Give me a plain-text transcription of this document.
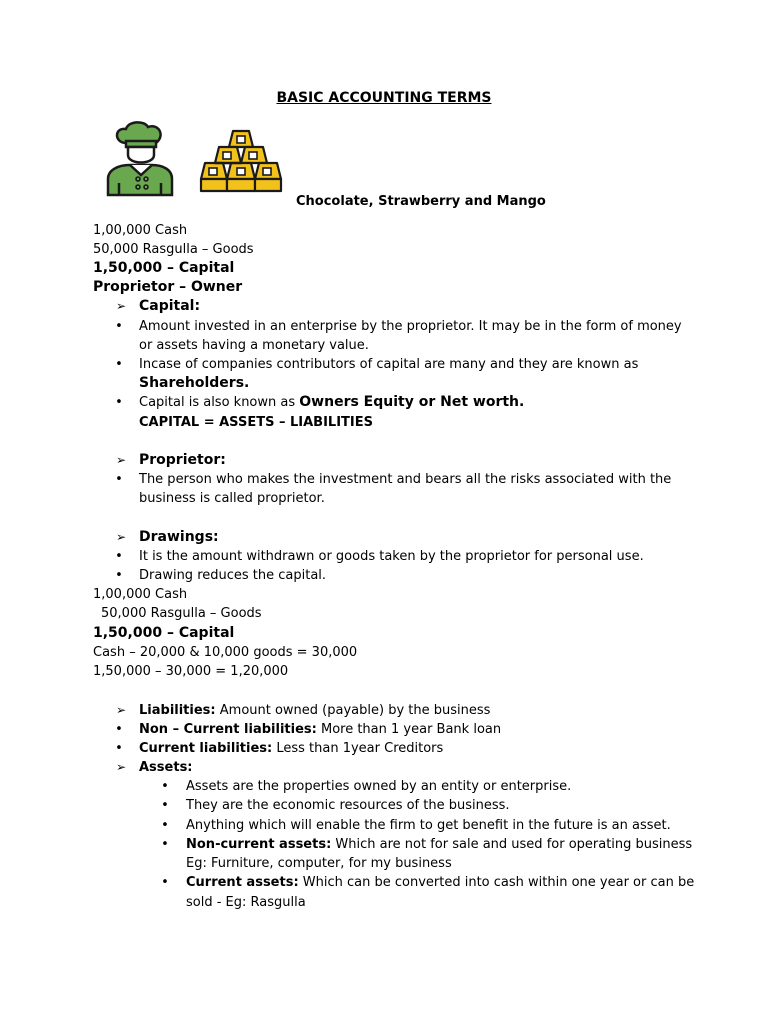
BASIC ACCOUNTING TERMS
Chocolate, Strawberry and Mango
1,00,000 Cash
50,000 Rasgulla – Goods
1,50,000 – Capital
Proprietor – Owner
➢ Capital:
• Amount invested in an enterprise by the proprietor. It may be in the form of money
or assets having a monetary value.
• Incase of companies contributors of capital are many and they are known as
Shareholders.
• Capital is also known as Owners Equity or Net worth.
CAPITAL = ASSETS – LIABILITIES
➢ Proprietor:
• The person who makes the investment and bears all the risks associated with the
business is called proprietor.
➢ Drawings:
• It is the amount withdrawn or goods taken by the proprietor for personal use.
• Drawing reduces the capital.
1,00,000 Cash
50,000 Rasgulla – Goods
1,50,000 – Capital
Cash – 20,000 & 10,000 goods = 30,000
1,50,000 – 30,000 = 1,20,000
➢ Liabilities: Amount owned (payable) by the business
• Non – Current liabilities: More than 1 year Bank loan
• Current liabilities: Less than 1year Creditors
➢ Assets:
• Assets are the properties owned by an entity or enterprise.
• They are the economic resources of the business.
• Anything which will enable the firm to get benefit in the future is an asset.
• Non-current assets: Which are not for sale and used for operating business
Eg: Furniture, computer, for my business
• Current assets: Which can be converted into cash within one year or can be
sold - Eg: Rasgulla
